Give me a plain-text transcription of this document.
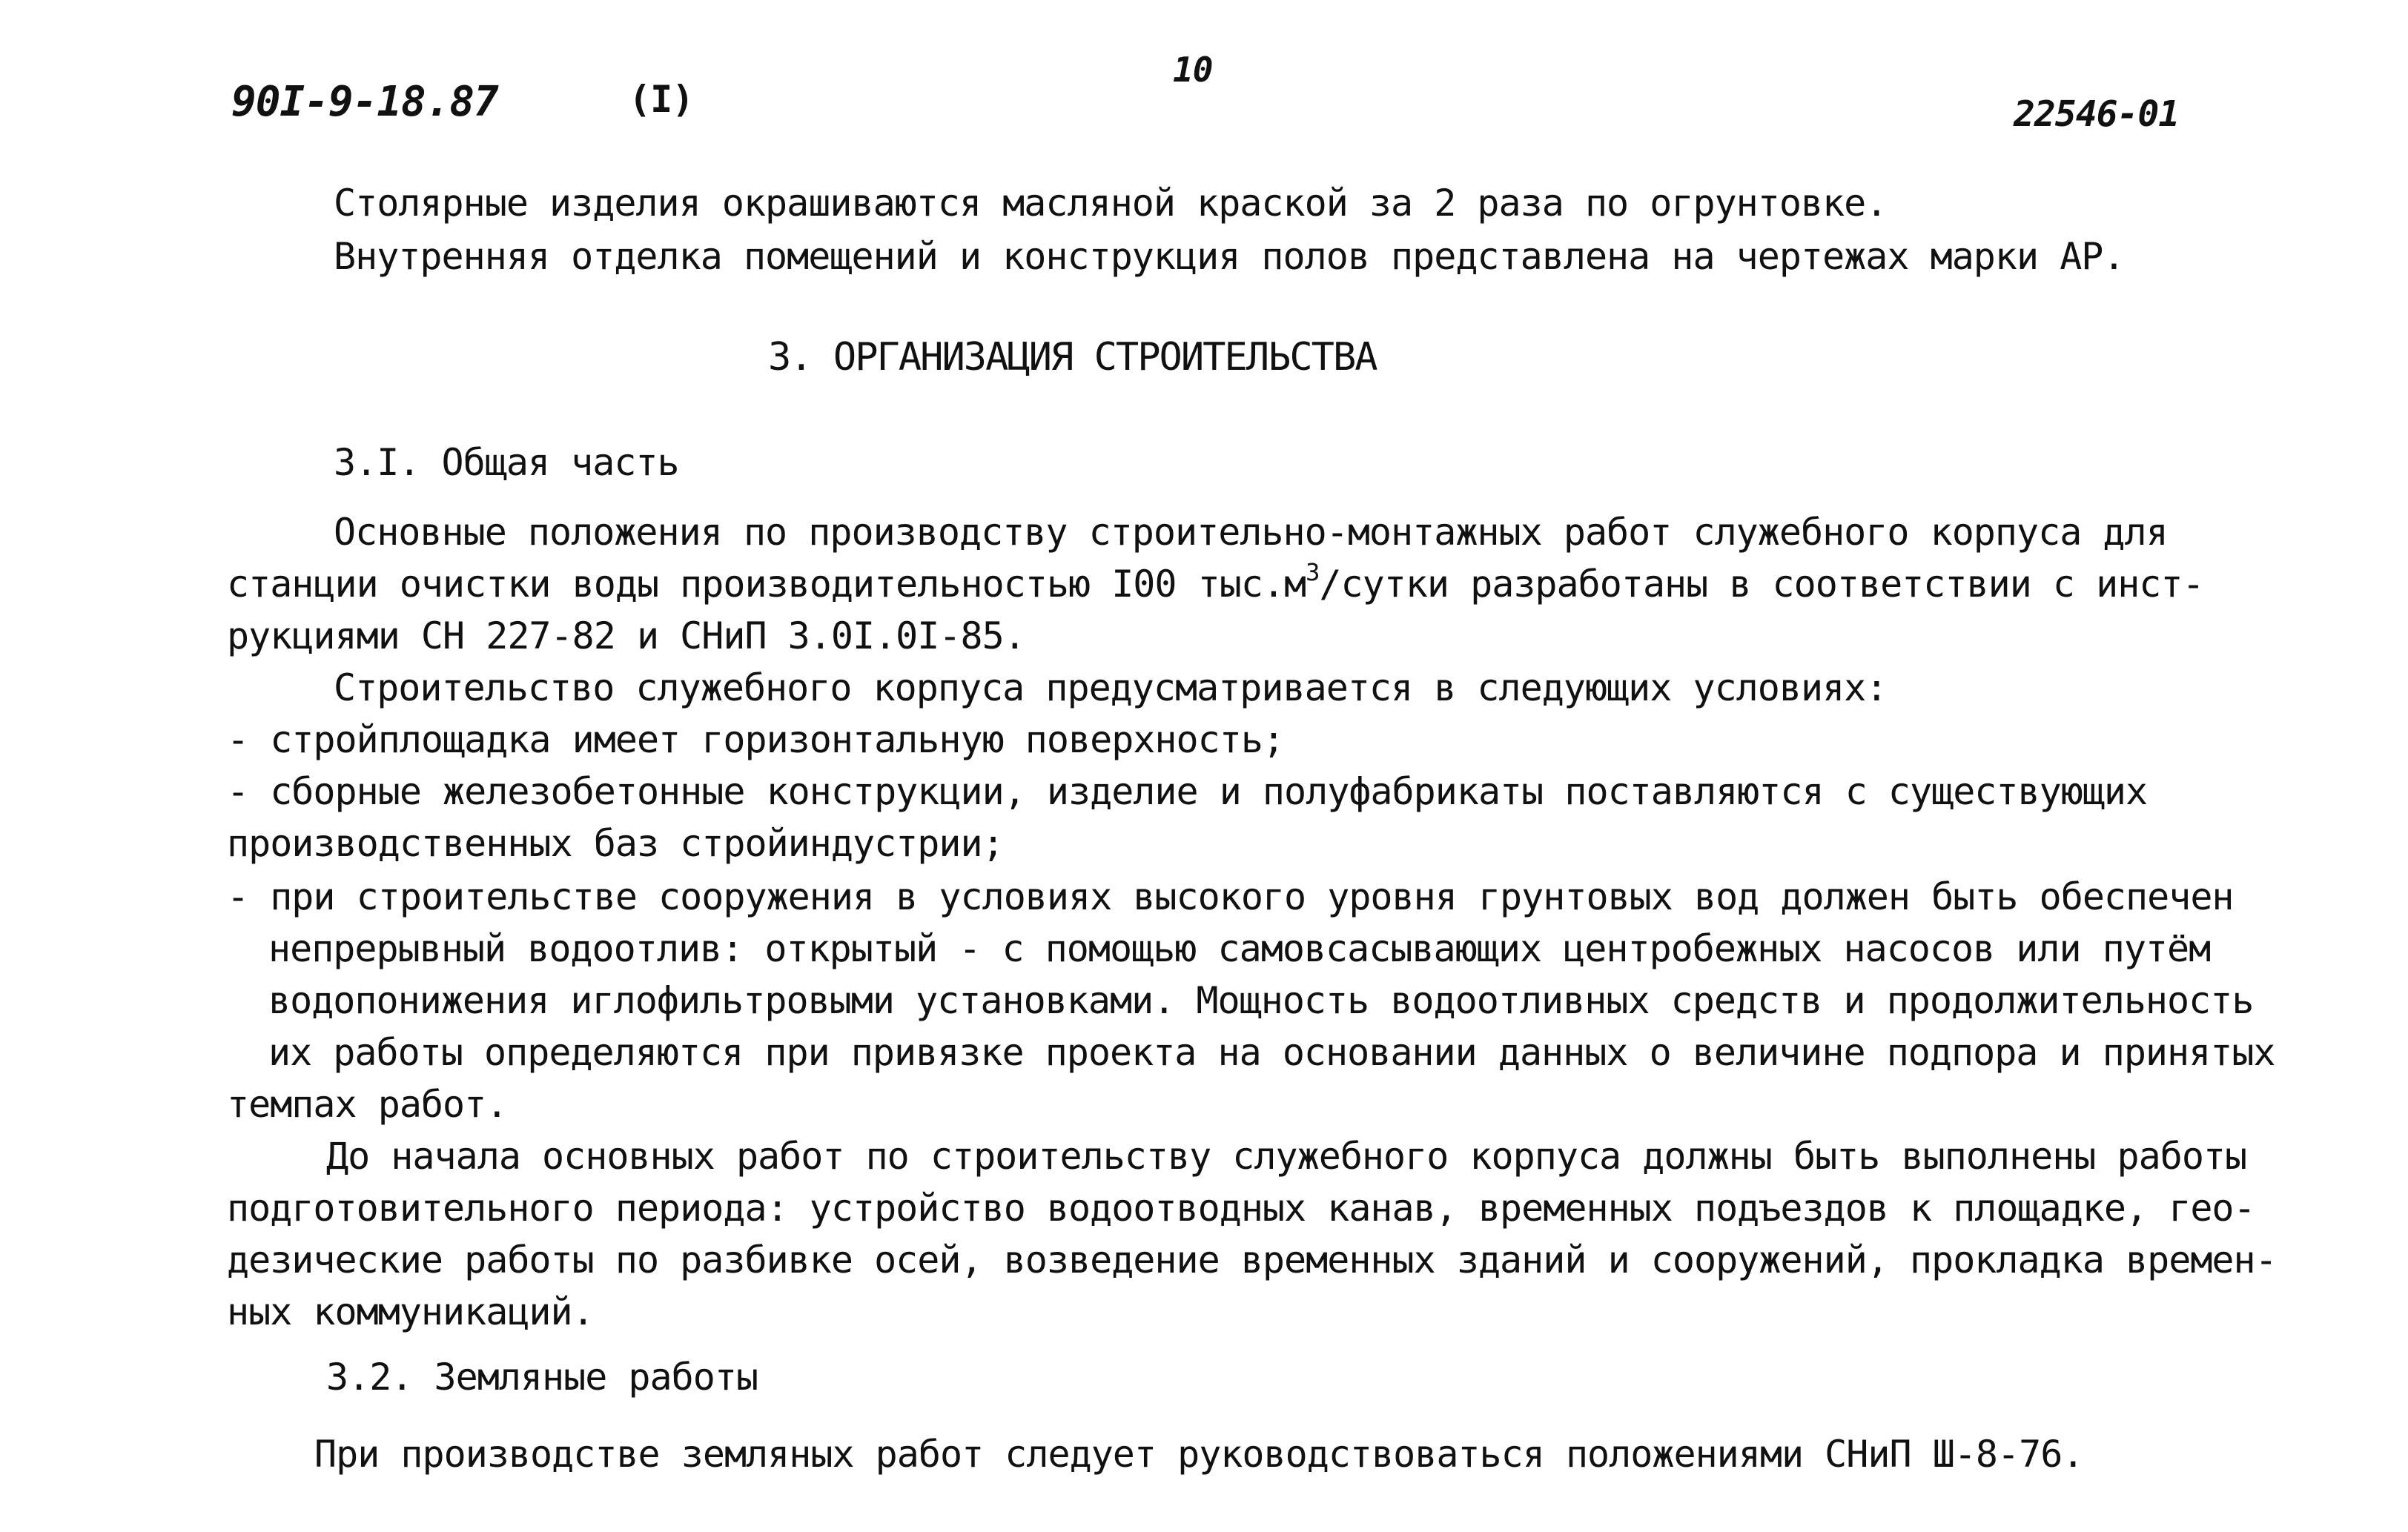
90I-9-18.87	(I)
10
22546-01
Столярные изделия окрашиваются масляной краской за 2 раза по огрунтовке.
Внутренняя отделка помещений и конструкция полов представлена на чертежах марки АР.
3. ОРГАНИЗАЦИЯ СТРОИТЕЛЬСТВА
3.I. Общая часть
Основные положения по производству строительно-монтажных работ служебного корпуса для
станции очистки воды производительностью I00 $тыс.м^3$/сутки разработаны в соответствии с инст-
рукциями СН 227-82 и СНиП 3.0I.0I-85.
Строительство служебного корпуса предусматривается в следующих условиях:
- стройплощадка имеет горизонтальную поверхность;
- сборные железобетонные конструкции, изделие и полуфабрикаты поставляются с существующих
производственных баз стройиндустрии;
- при строительстве сооружения в условиях высокого уровня грунтовых вод должен быть обеспечен
непрерывный водоотлив: открытый - с помощью самовсасывающих центробежных насосов или путём
водопонижения иглофильтровыми установками. Мощность водоотливных средств и продолжительность
их работы определяются при привязке проекта на основании данных о величине подпора и принятых
темпах работ.
До начала основных работ по строительству служебного корпуса должны быть выполнены работы
подготовительного периода: устройство водоотводных канав, временных подъездов к площадке, гео-
дезические работы по разбивке осей, возведение временных зданий и сооружений, прокладка времен-
ных коммуникаций.
3.2. Земляные работы
При производстве земляных работ следует руководствоваться положениями СНиП Ш-8-76.
